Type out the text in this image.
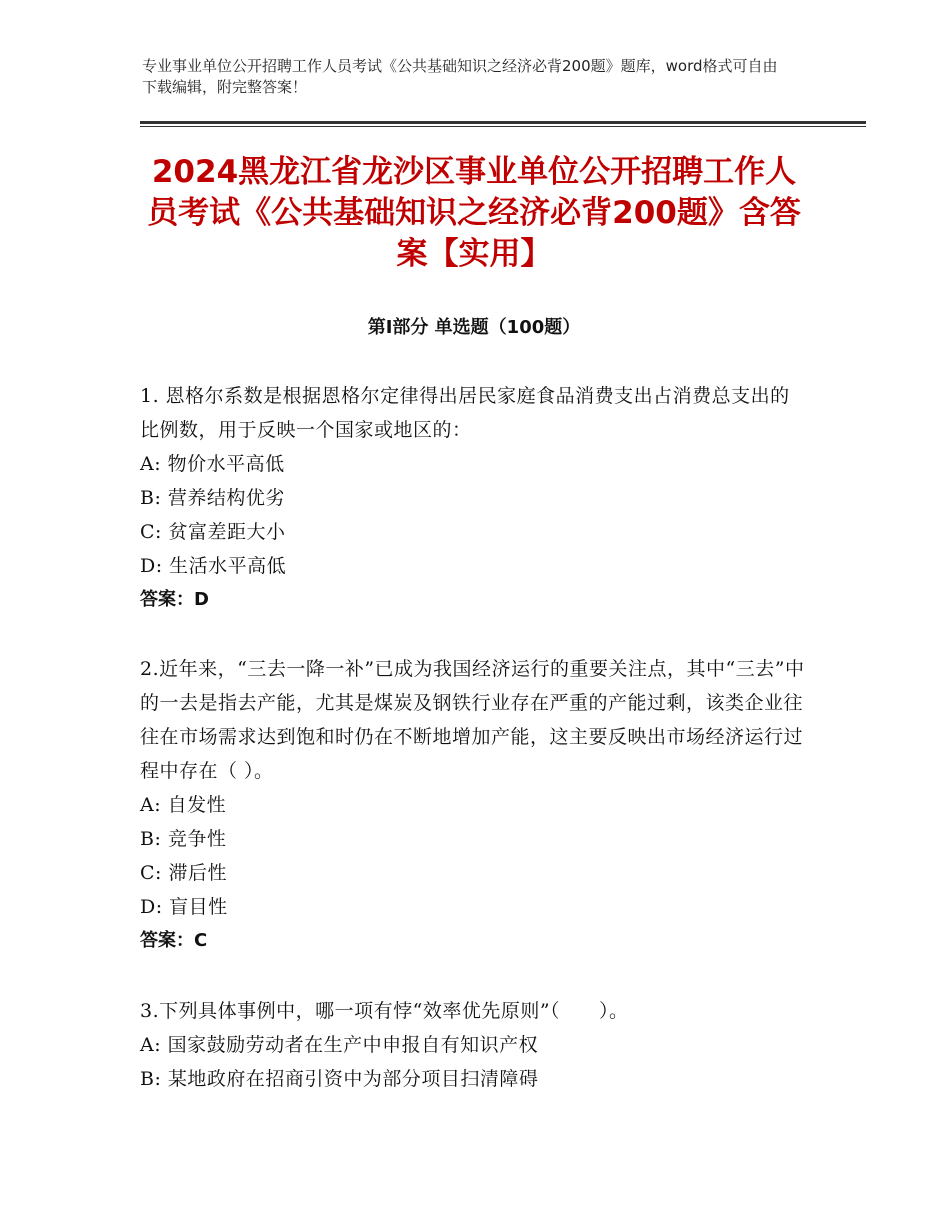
专业事业单位公开招聘工作人员考试《公共基础知识之经济必背200题》题库，word格式可自由下载编辑，附完整答案！
2024黑龙江省龙沙区事业单位公开招聘工作人员考试《公共基础知识之经济必背200题》含答案【实用】
第Ⅰ部分 单选题（100题）
1. 恩格尔系数是根据恩格尔定律得出居民家庭食品消费支出占消费总支出的比例数，用于反映一个国家或地区的：
A: 物价水平高低
B: 营养结构优劣
C: 贫富差距大小
D: 生活水平高低
答案：D
2.近年来，“三去一降一补”已成为我国经济运行的重要关注点，其中“三去”中的一去是指去产能，尤其是煤炭及钢铁行业存在严重的产能过剩，该类企业往往在市场需求达到饱和时仍在不断地增加产能，这主要反映出市场经济运行过程中存在（ ）。
A: 自发性
B: 竞争性
C: 滞后性
D: 盲目性
答案：C
3.下列具体事例中，哪一项有悖“效率优先原则”（　　）。
A: 国家鼓励劳动者在生产中申报自有知识产权
B: 某地政府在招商引资中为部分项目扫清障碍
